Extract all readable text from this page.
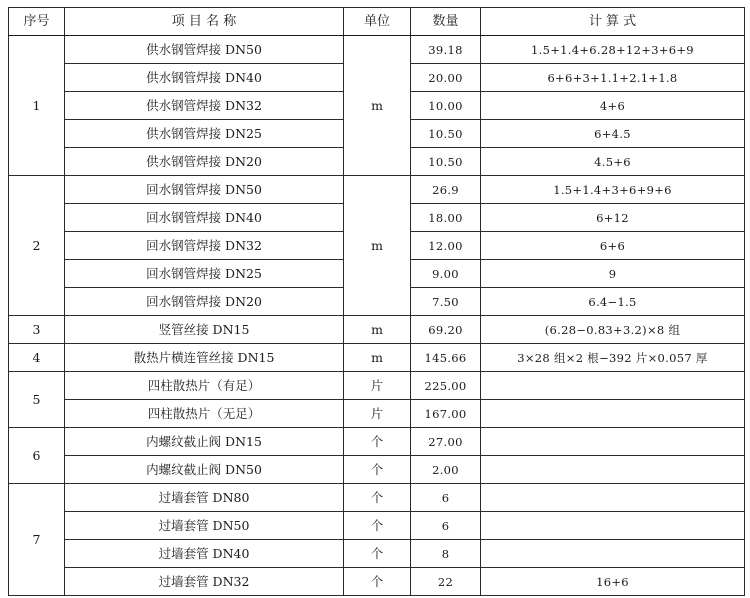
序号	项 目 名 称	单位	数量	计 算 式
1	供水钢管焊接 DN50	m	39.18	1.5+1.4+6.28+12+3+6+9
	供水钢管焊接 DN40		20.00	6+6+3+1.1+2.1+1.8
	供水钢管焊接 DN32		10.00	4+6
	供水钢管焊接 DN25		10.50	6+4.5
	供水钢管焊接 DN20		10.50	4.5+6
2	回水钢管焊接 DN50	m	26.9	1.5+1.4+3+6+9+6
	回水钢管焊接 DN40		18.00	6+12
	回水钢管焊接 DN32		12.00	6+6
	回水钢管焊接 DN25		9.00	9
	回水钢管焊接 DN20		7.50	6.4−1.5
3	竖管丝接 DN15	m	69.20	(6.28−0.83+3.2)×8 组
4	散热片横连管丝接 DN15	m	145.66	3×28 组×2 根−392 片×0.057 厚
5	四柱散热片（有足）	片	225.00	
	四柱散热片（无足）	片	167.00	
6	内螺纹截止阀 DN15	个	27.00	
	内螺纹截止阀 DN50	个	2.00	
7	过墙套管 DN80	个	6	
	过墙套管 DN50	个	6	
	过墙套管 DN40	个	8	
	过墙套管 DN32	个	22	16+6
